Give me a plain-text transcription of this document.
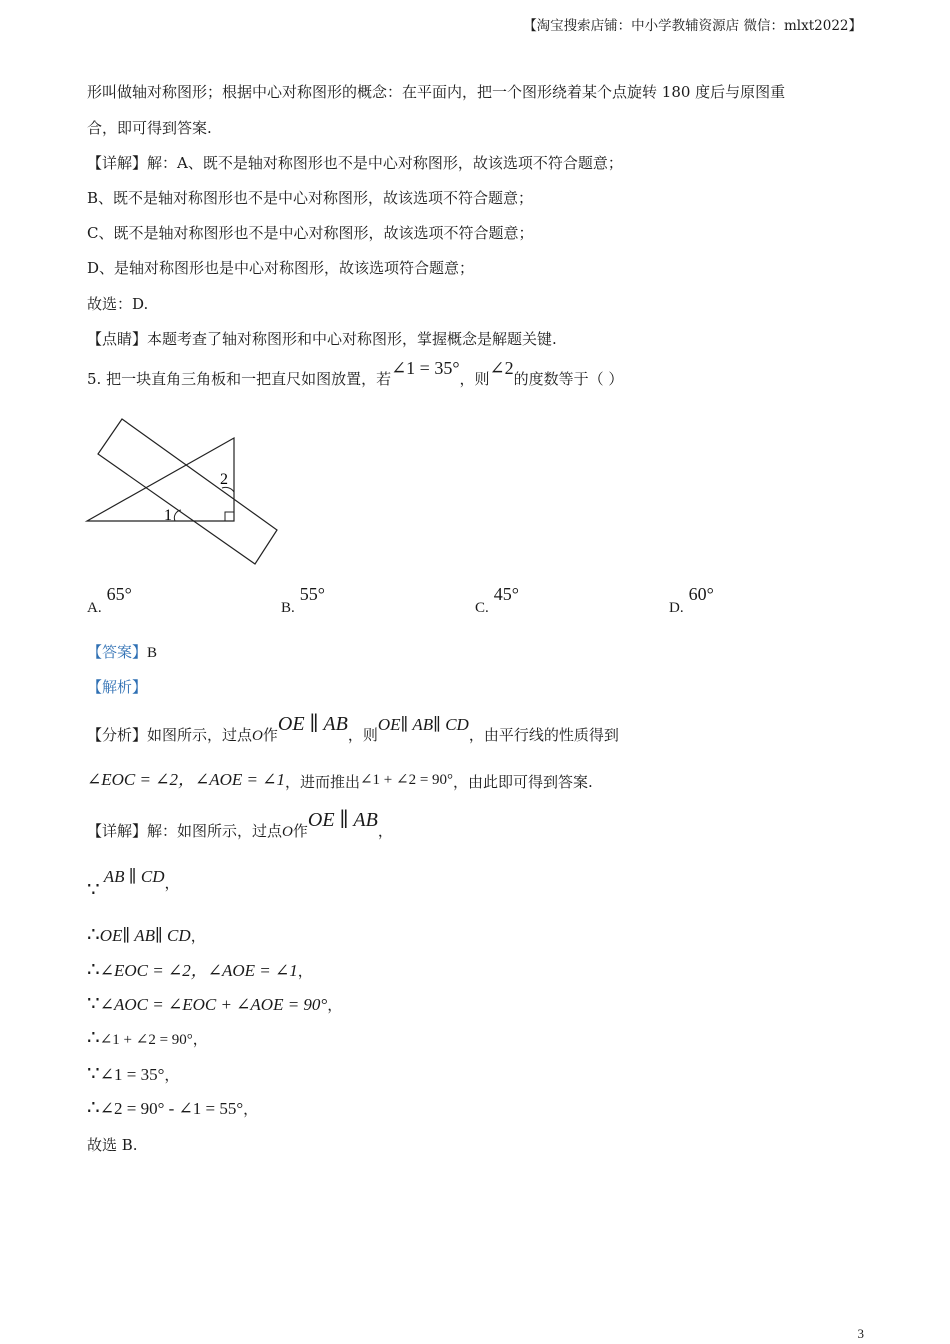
【淘宝搜索店铺：中小学教辅资源店 微信：mlxt2022】
形叫做轴对称图形；根据中心对称图形的概念：在平面内，把一个图形绕着某个点旋转 180 度后与原图重
合，即可得到答案.
【详解】解：A、既不是轴对称图形也不是中心对称图形，故该选项不符合题意；
B、既不是轴对称图形也不是中心对称图形，故该选项不符合题意；
C、既不是轴对称图形也不是中心对称图形，故该选项不符合题意；
D、是轴对称图形也是中心对称图形，故该选项符合题意；
故选：D.
【点睛】本题考查了轴对称图形和中心对称图形，掌握概念是解题关键.
5. 把一块直角三角板和一把直尺如图放置，若∠1 = 35°，则∠2的度数等于（ ）
1
2
A.65°
B.55°
C.45°
D.60°
【答案】B
【解析】
【分析】如图所示，过点O作OE ∥ AB，则OE∥ AB∥ CD，由平行线的性质得到
∠EOC = ∠2，∠AOE = ∠1，进而推出∠1 + ∠2 = 90°，由此即可得到答案.
【详解】解：如图所示，过点O作OE ∥ AB，
∵AB ∥ CD，
∴OE∥ AB∥ CD，
∴∠EOC = ∠2，∠AOE = ∠1，
∵∠AOC = ∠EOC + ∠AOE = 90°，
∴∠1 + ∠2 = 90°，
∵∠1 = 35°，
∴∠2 = 90° - ∠1 = 55°，
故选 B.
3
